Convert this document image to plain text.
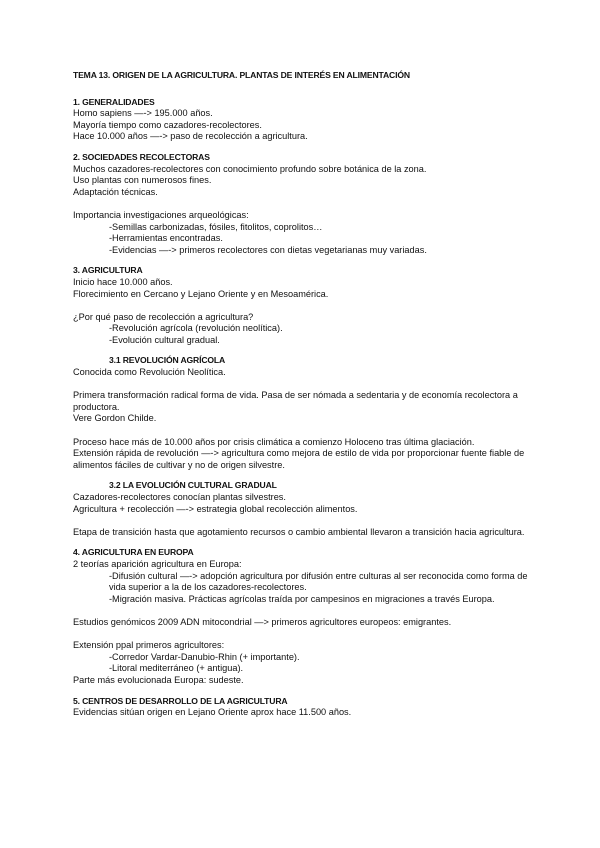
TEMA 13. ORIGEN DE LA AGRICULTURA. PLANTAS DE INTERÉS EN ALIMENTACIÓN
1. GENERALIDADES
Homo sapiens —-> 195.000 años.
Mayoría tiempo como cazadores-recolectores.
Hace 10.000 años —-> paso de recolección a agricultura.
2. SOCIEDADES RECOLECTORAS
Muchos cazadores-recolectores con conocimiento profundo sobre botánica de la zona.
Uso plantas con numerosos fines.
Adaptación técnicas.
Importancia investigaciones arqueológicas:
-Semillas carbonizadas, fósiles, fitolitos, coprolitos…
-Herramientas encontradas.
-Evidencias —-> primeros recolectores con dietas vegetarianas muy variadas.
3. AGRICULTURA
Inicio hace 10.000 años.
Florecimiento en Cercano y Lejano Oriente y en Mesoamérica.
¿Por qué paso de recolección a agricultura?
-Revolución agrícola (revolución neolítica).
-Evolución cultural gradual.
3.1 REVOLUCIÓN AGRÍCOLA
Conocida como Revolución Neolítica.
Primera transformación radical forma de vida. Pasa de ser nómada a sedentaria y de economía recolectora a productora.
Vere Gordon Childe.
Proceso hace más de 10.000 años por crisis climática a comienzo Holoceno tras última glaciación.
Extensión rápida de revolución —-> agricultura como mejora de estilo de vida por proporcionar fuente fiable de alimentos fáciles de cultivar y no de origen silvestre.
3.2 LA EVOLUCIÓN CULTURAL GRADUAL
Cazadores-recolectores conocían plantas silvestres.
Agricultura + recolección —-> estrategia global recolección alimentos.
Etapa de transición hasta que agotamiento recursos o cambio ambiental llevaron a transición hacia agricultura.
4. AGRICULTURA EN EUROPA
2 teorías aparición agricultura en Europa:
-Difusión cultural —-> adopción agricultura por difusión entre culturas al ser reconocida como forma de vida superior a la de los cazadores-recolectores.
-Migración masiva. Prácticas agrícolas traída por campesinos en migraciones a través Europa.
Estudios genómicos 2009 ADN mitocondrial —> primeros agricultores europeos: emigrantes.
Extensión ppal primeros agricultores:
-Corredor Vardar-Danubio-Rhin (+ importante).
-Litoral mediterráneo (+ antigua).
Parte más evolucionada Europa: sudeste.
5. CENTROS DE DESARROLLO DE LA AGRICULTURA
Evidencias sitúan origen en Lejano Oriente aprox hace 11.500 años.
